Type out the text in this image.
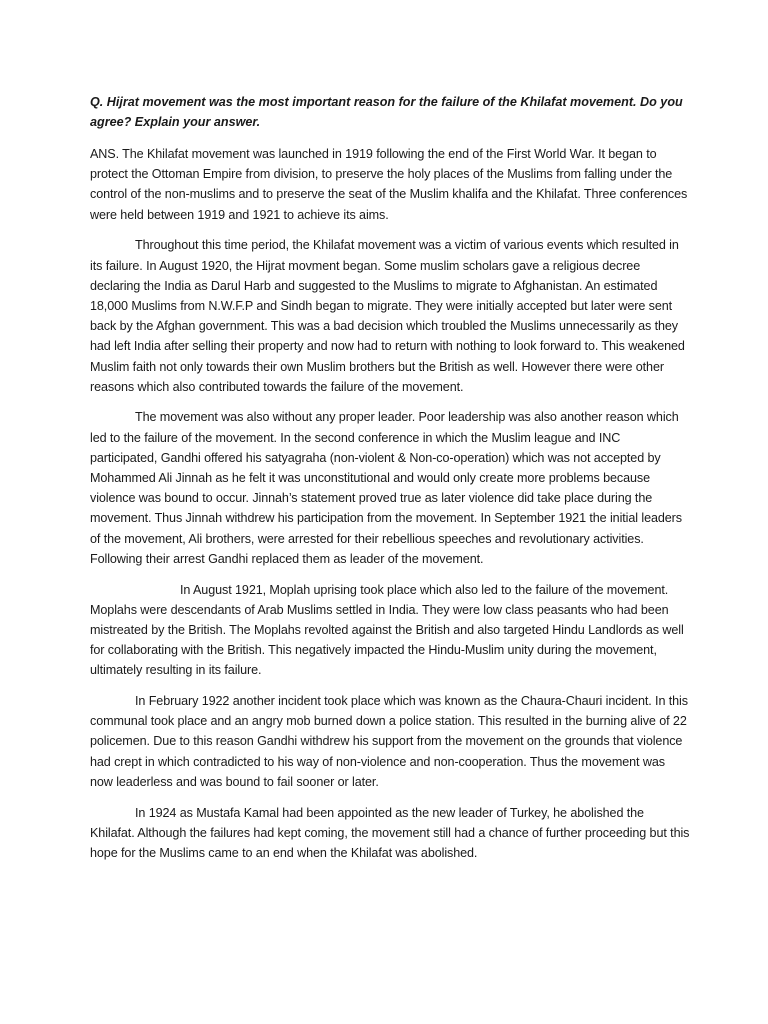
Q. Hijrat movement was the most important reason for the failure of the Khilafat movement. Do you agree? Explain your answer.

ANS. The Khilafat movement was launched in 1919 following the end of the First World War. It began to protect the Ottoman Empire from division, to preserve the holy places of the Muslims from falling under the control of the non-muslims and to preserve the seat of the Muslim khalifa and the Khilafat. Three conferences were held between 1919 and 1921 to achieve its aims.

Throughout this time period, the Khilafat movement was a victim of various events which resulted in its failure. In August 1920, the Hijrat movment began. Some muslim scholars gave a religious decree declaring the India as Darul Harb and suggested to the Muslims to migrate to Afghanistan. An estimated 18,000 Muslims from N.W.F.P and Sindh began to migrate. They were initially accepted but later were sent back by the Afghan government. This was a bad decision which troubled the Muslims unnecessarily as they had left India after selling their property and now had to return with nothing to look forward to. This weakened Muslim faith not only towards their own Muslim brothers but the British as well. However there were other reasons which also contributed towards the failure of the movement.

The movement was also without any proper leader. Poor leadership was also another reason which led to the failure of the movement. In the second conference in which the Muslim league and INC participated, Gandhi offered his satyagraha (non-violent & Non-co-operation) which was not accepted by Mohammed Ali Jinnah as he felt it was unconstitutional and would only create more problems because violence was bound to occur. Jinnah’s statement proved true as later violence did take place during the movement. Thus Jinnah withdrew his participation from the movement. In September 1921 the initial leaders of the movement, Ali brothers, were arrested for their rebellious speeches and revolutionary activities. Following their arrest Gandhi replaced them as leader of the movement.

In August 1921, Moplah uprising took place which also led to the failure of the movement. Moplahs were descendants of Arab Muslims settled in India. They were low class peasants who had been mistreated by the British. The Moplahs revolted against the British and also targeted Hindu Landlords as well for collaborating with the British. This negatively impacted the Hindu-Muslim unity during the movement, ultimately resulting in its failure.

In February 1922 another incident took place which was known as the Chaura-Chauri incident. In this communal took place and an angry mob burned down a police station. This resulted in the burning alive of 22 policemen. Due to this reason Gandhi withdrew his support from the movement on the grounds that violence had crept in which contradicted to his way of non-violence and non-cooperation. Thus the movement was now leaderless and was bound to fail sooner or later.

In 1924 as Mustafa Kamal had been appointed as the new leader of Turkey, he abolished the Khilafat. Although the failures had kept coming, the movement still had a chance of further proceeding but this hope for the Muslims came to an end when the Khilafat was abolished.
